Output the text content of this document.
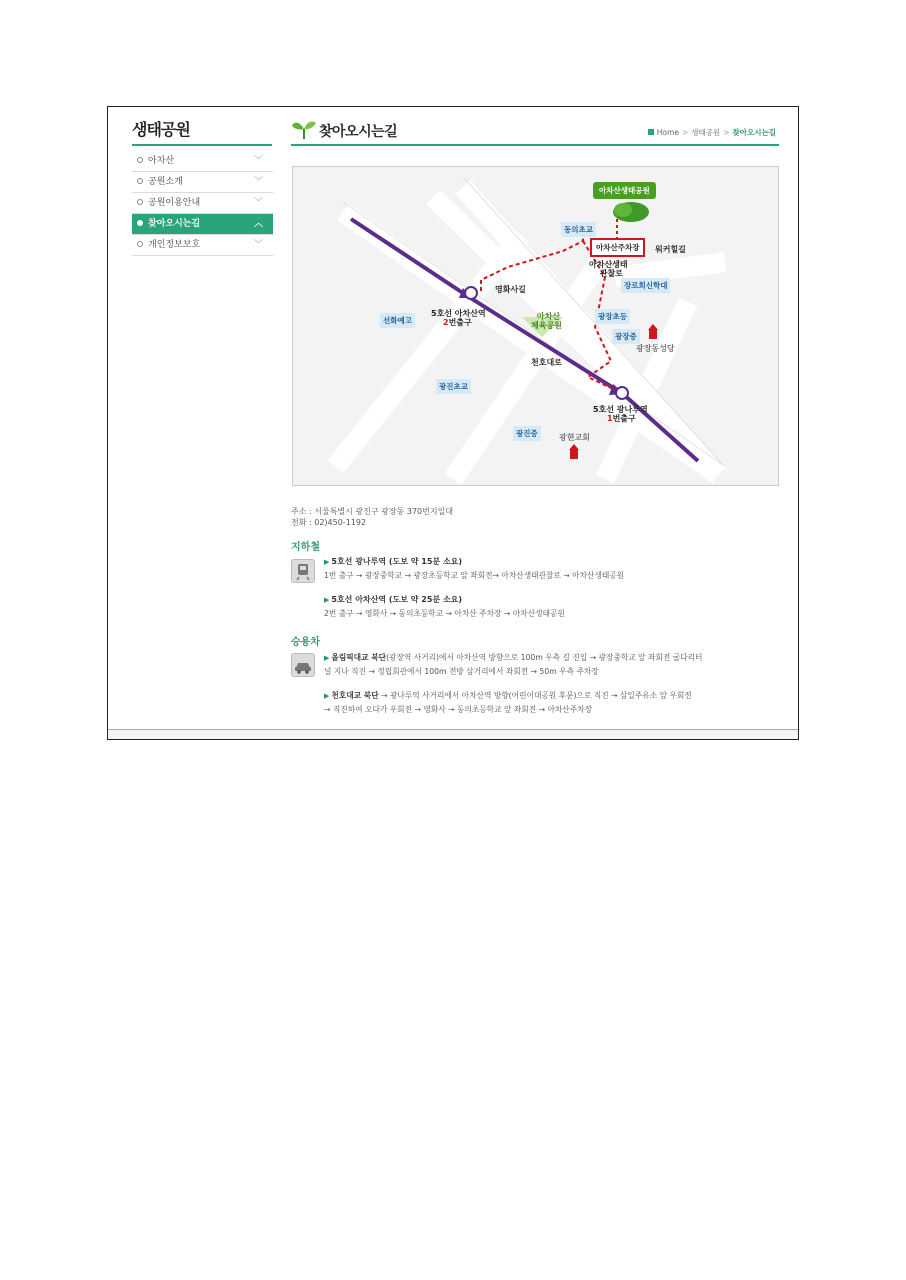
생태공원
아차산	﹀
공원소개	﹀
공원이용안내	﹀
찾아오시는길	︿
개인정보보호	﹀
찾아오시는길	Home > 생태공원 > 찾아오시는길
아차산생태공원
아차산주차장
동의초교
워커힐길
아차산생태
관찰로
영화사길	장로회신학대
선화예고
5호선 아차산역
2번출구
아차산
체육공원
광장초등
광장중
광장동성당
천호대로
광진초교
5호선 광나루역
1번출구
광진중	광현교회
주소 : 서울특별시 광진구 광장동 370번지일대
전화 : 02)450-1192
지하철
▶ 5호선 광나루역 (도보 약 15분 소요)
1번 출구 → 광장중학교 → 광장초등학교 앞 좌회전→ 아차산생태관찰로 → 아차산생태공원
▶ 5호선 아차산역 (도보 약 25분 소요)
2번 출구 → 영화사 → 동의초등학교 → 아차산 주차장 → 아차산생태공원
승용차
▶ 올림픽대교 북단(광장역 사거리)에서 아차산역 방향으로 100m 우측 길 진입 → 광장중학교 앞 좌회전 굴다리터
널 지나 직진 → 정립회관에서 100m 전방 삼거리에서 좌회전 → 50m 우측 주차장
▶ 천호대교 북단 → 광나루역 사거리에서 아차산역 방향(어린이대공원 후문)으로 직진 → 삼일주유소 앞 우회전
→ 직진하여 오다가 우회전 → 영화사 → 동의초등학교 앞 좌회전 → 아차산주차장
